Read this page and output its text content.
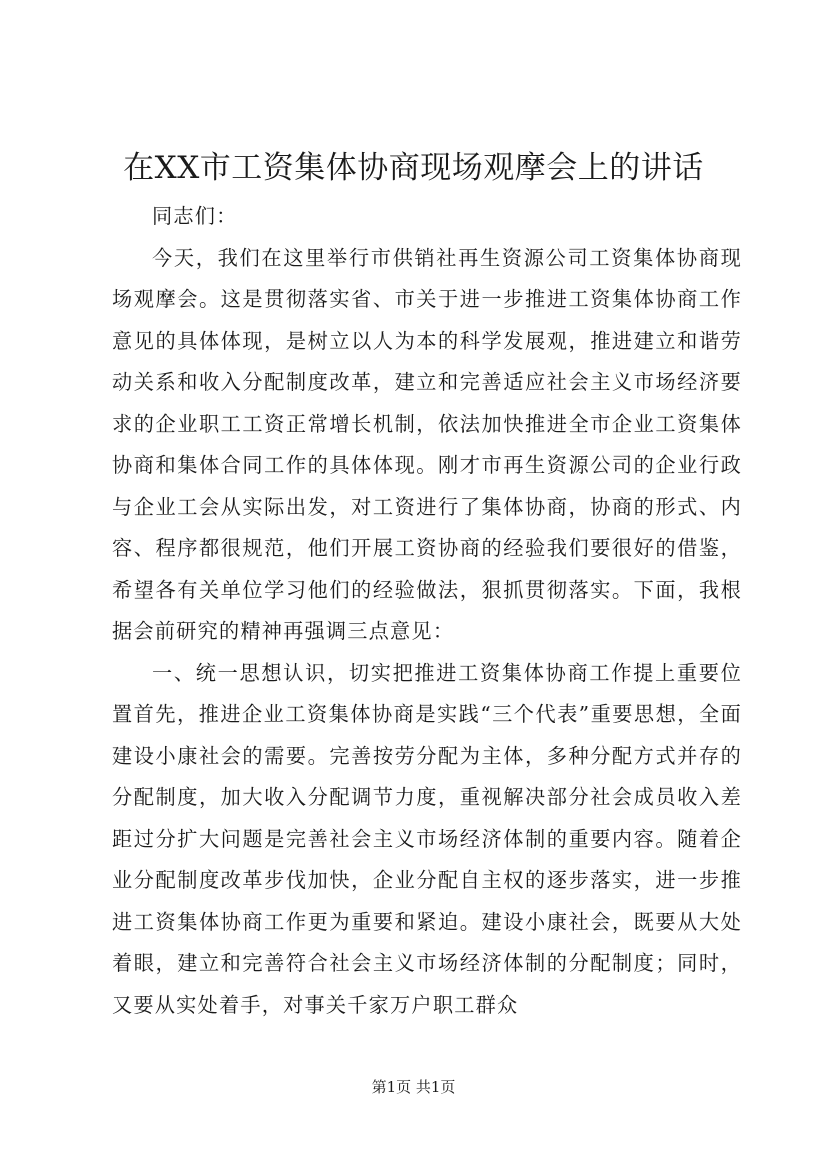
在XX市工资集体协商现场观摩会上的讲话

同志们：

今天，我们在这里举行市供销社再生资源公司工资集体协商现场观摩会。这是贯彻落实省、市关于进一步推进工资集体协商工作意见的具体体现，是树立以人为本的科学发展观，推进建立和谐劳动关系和收入分配制度改革，建立和完善适应社会主义市场经济要求的企业职工工资正常增长机制，依法加快推进全市企业工资集体协商和集体合同工作的具体体现。刚才市再生资源公司的企业行政与企业工会从实际出发，对工资进行了集体协商，协商的形式、内容、程序都很规范，他们开展工资协商的经验我们要很好的借鉴，希望各有关单位学习他们的经验做法，狠抓贯彻落实。下面，我根据会前研究的精神再强调三点意见：

一、统一思想认识，切实把推进工资集体协商工作提上重要位置首先，推进企业工资集体协商是实践“三个代表”重要思想，全面建设小康社会的需要。完善按劳分配为主体，多种分配方式并存的分配制度，加大收入分配调节力度，重视解决部分社会成员收入差距过分扩大问题是完善社会主义市场经济体制的重要内容。随着企业分配制度改革步伐加快，企业分配自主权的逐步落实，进一步推进工资集体协商工作更为重要和紧迫。建设小康社会，既要从大处着眼，建立和完善符合社会主义市场经济体制的分配制度；同时，又要从实处着手，对事关千家万户职工群众

第1页 共1页
